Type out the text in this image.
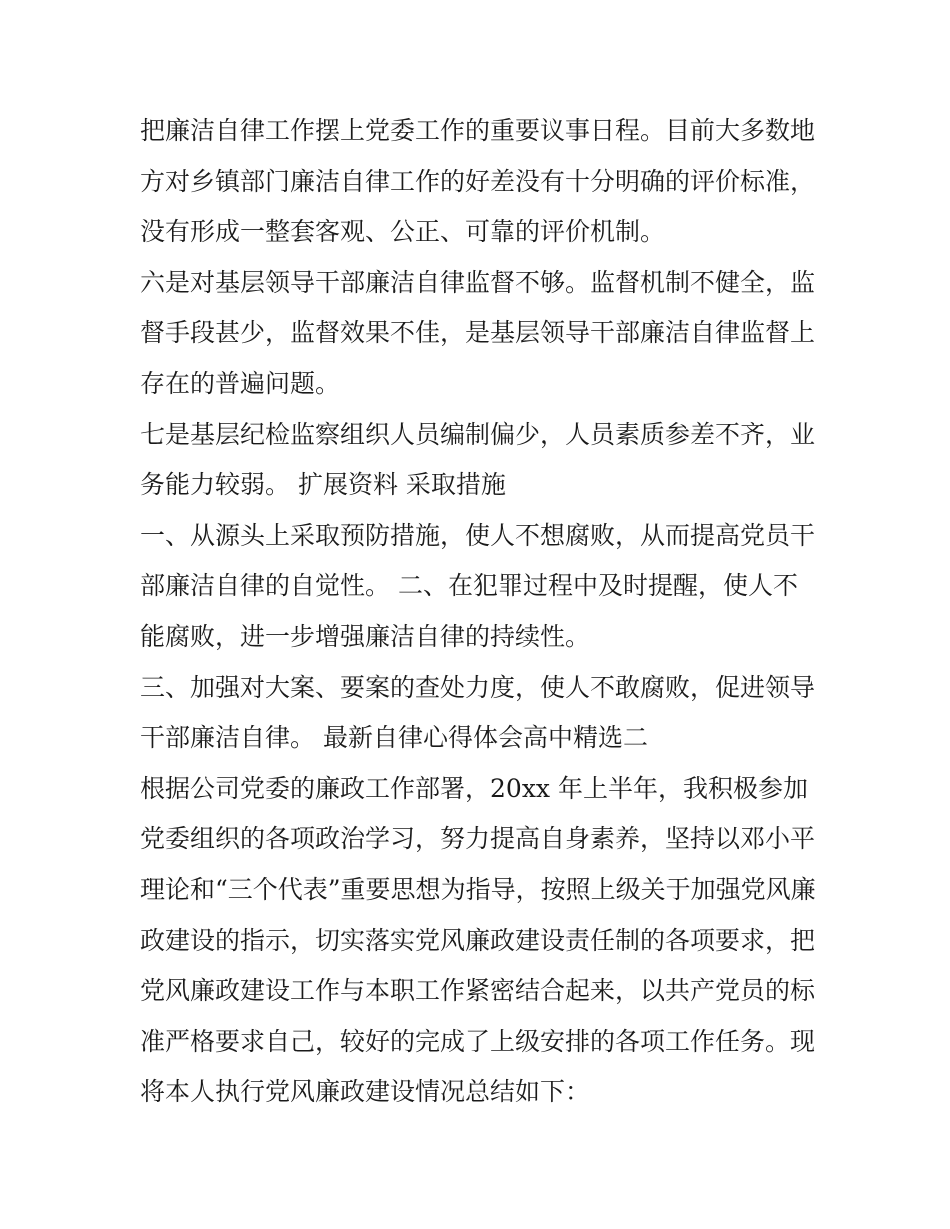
把廉洁自律工作摆上党委工作的重要议事日程。目前大多数地
方对乡镇部门廉洁自律工作的好差没有十分明确的评价标准，
没有形成一整套客观、公正、可靠的评价机制。
六是对基层领导干部廉洁自律监督不够。监督机制不健全，监
督手段甚少，监督效果不佳，是基层领导干部廉洁自律监督上
存在的普遍问题。
七是基层纪检监察组织人员编制偏少，人员素质参差不齐，业
务能力较弱。 扩展资料 采取措施
一、从源头上采取预防措施，使人不想腐败，从而提高党员干
部廉洁自律的自觉性。 二、在犯罪过程中及时提醒，使人不
能腐败，进一步增强廉洁自律的持续性。
三、加强对大案、要案的查处力度，使人不敢腐败，促进领导
干部廉洁自律。 最新自律心得体会高中精选二
根据公司党委的廉政工作部署，20xx 年上半年，我积极参加
党委组织的各项政治学习，努力提高自身素养，坚持以邓小平
理论和“三个代表”重要思想为指导，按照上级关于加强党风廉
政建设的指示，切实落实党风廉政建设责任制的各项要求，把
党风廉政建设工作与本职工作紧密结合起来，以共产党员的标
准严格要求自己，较好的完成了上级安排的各项工作任务。现
将本人执行党风廉政建设情况总结如下：
